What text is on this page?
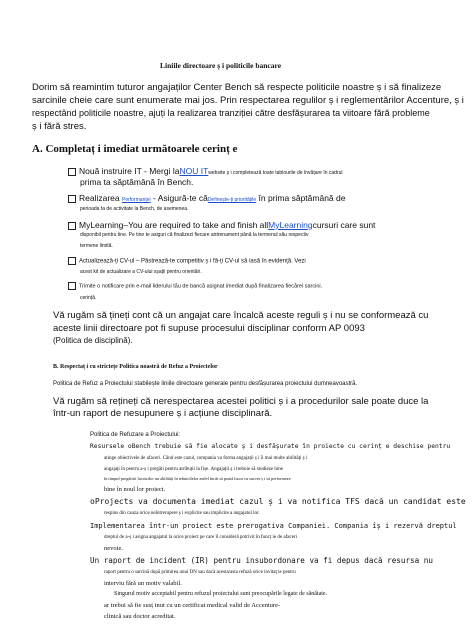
Liniile directoare ș i politicile bancare
Dorim să reamintim tuturor angajaților Center Bench să respecte politicile noastre ș i să finalizeze
sarcinile cheie care sunt enumerate mai jos. Prin respectarea regulilor ș i reglementărilor Accenture, ș i
respectând politicile noastre, ajuți la realizarea tranziției către desfășurarea ta viitoare fără probleme
ș i fără stres.
A. Completaț i imediat următoarele cerinț e
Nouă instruire IT - Mergi laNOU ITwebsite ș i completează toate tablourile de învățare în cadrul
prima ta săptămână în Bench.
Realizarea Performanței - Asigură-te căDefinește-ți prioritățile în prima săptămână de
perioada ta de activitate la Bench, de asemenea.
MyLearning–You are required to take and finish allMyLearningcursuri care sunt
disponibil pentru tine. Pe tine te asiguri că finalizezi fiecare antrenament până la termenul său respectiv
termene limită.
Actualizează-ți CV-ul – Păstrează-te competitiv ș i fă-ți CV-ul să iasă în evidență. Vezi
acest kit de actualizare a CV-ului sșații pentru orientări.
Trimite o notificare prin e-mail liderului tău de bancă asignat imediat după finalizarea fiecărei sarcini.
cerință.
Vă rugăm să țineți cont că un angajat care încalcă aceste reguli ș i nu se conformează cu
aceste linii directoare pot fi supuse procesului disciplinar conform AP 0093
(Politica de disciplină).
B. Respectaț i cu strictețe Politica noastră de Refuz a Proiectelor
Politica de Refuz a Proiectului stabilește liniile directoare generale pentru desfășurarea proiectului dumneavoastră.
Vă rugăm să rețineți că nerespectarea acestei politici ș i a procedurilor sale poate duce la
într-un raport de nesupunere ș i acțiune disciplinară.
Politica de Refuzare a Proiectului:
Resursele oBench trebuie să fie alocate ș i desfășurate în proiecte cu cerinț e deschise pentru
atinge obiectivele de afaceri. Când este cazul, compania va forma angajații ș i îi mai multe abilități ș i
angajați în pentru a-ș i pregăti pentru atribuții la fișe. Angajații ș i trebuie să studieze bine
în timpul pregătirii lucrurilor nu abilități în tehnicilelor astfel încât să poată lucra cu succes ș i să performeze
bine în noul lor proiect.
oProjects va documenta imediat cazul ș i va notifica TFS dacă un candidat este
respins din cauza orice neîntrerupere ș i explicite sau implicite a angajatul lor.
Implementarea într-un proiect este prerogativa Companiei. Compania îș i rezervă dreptul
dreptul de a-ș i asigna angajatul la orice proiect pe care îl consideră potrivit în funcț ie de afaceri
nevoie.
Un raport de incident (IR) pentru insubordonare va fi depus dacă resursa nu
raport pentru o sarcină după primirea unui DN sau dacă acesta/asta refuză orice invitaț ie pentru
interviu fără un motiv valabil.
Singurul motiv acceptabil pentru refuzul proiectului sunt preocupările legate de sănătate.
ar trebui să fie susț inut cu un certificat medical valid de Accenture-
clinică sau doctor acreditat.
